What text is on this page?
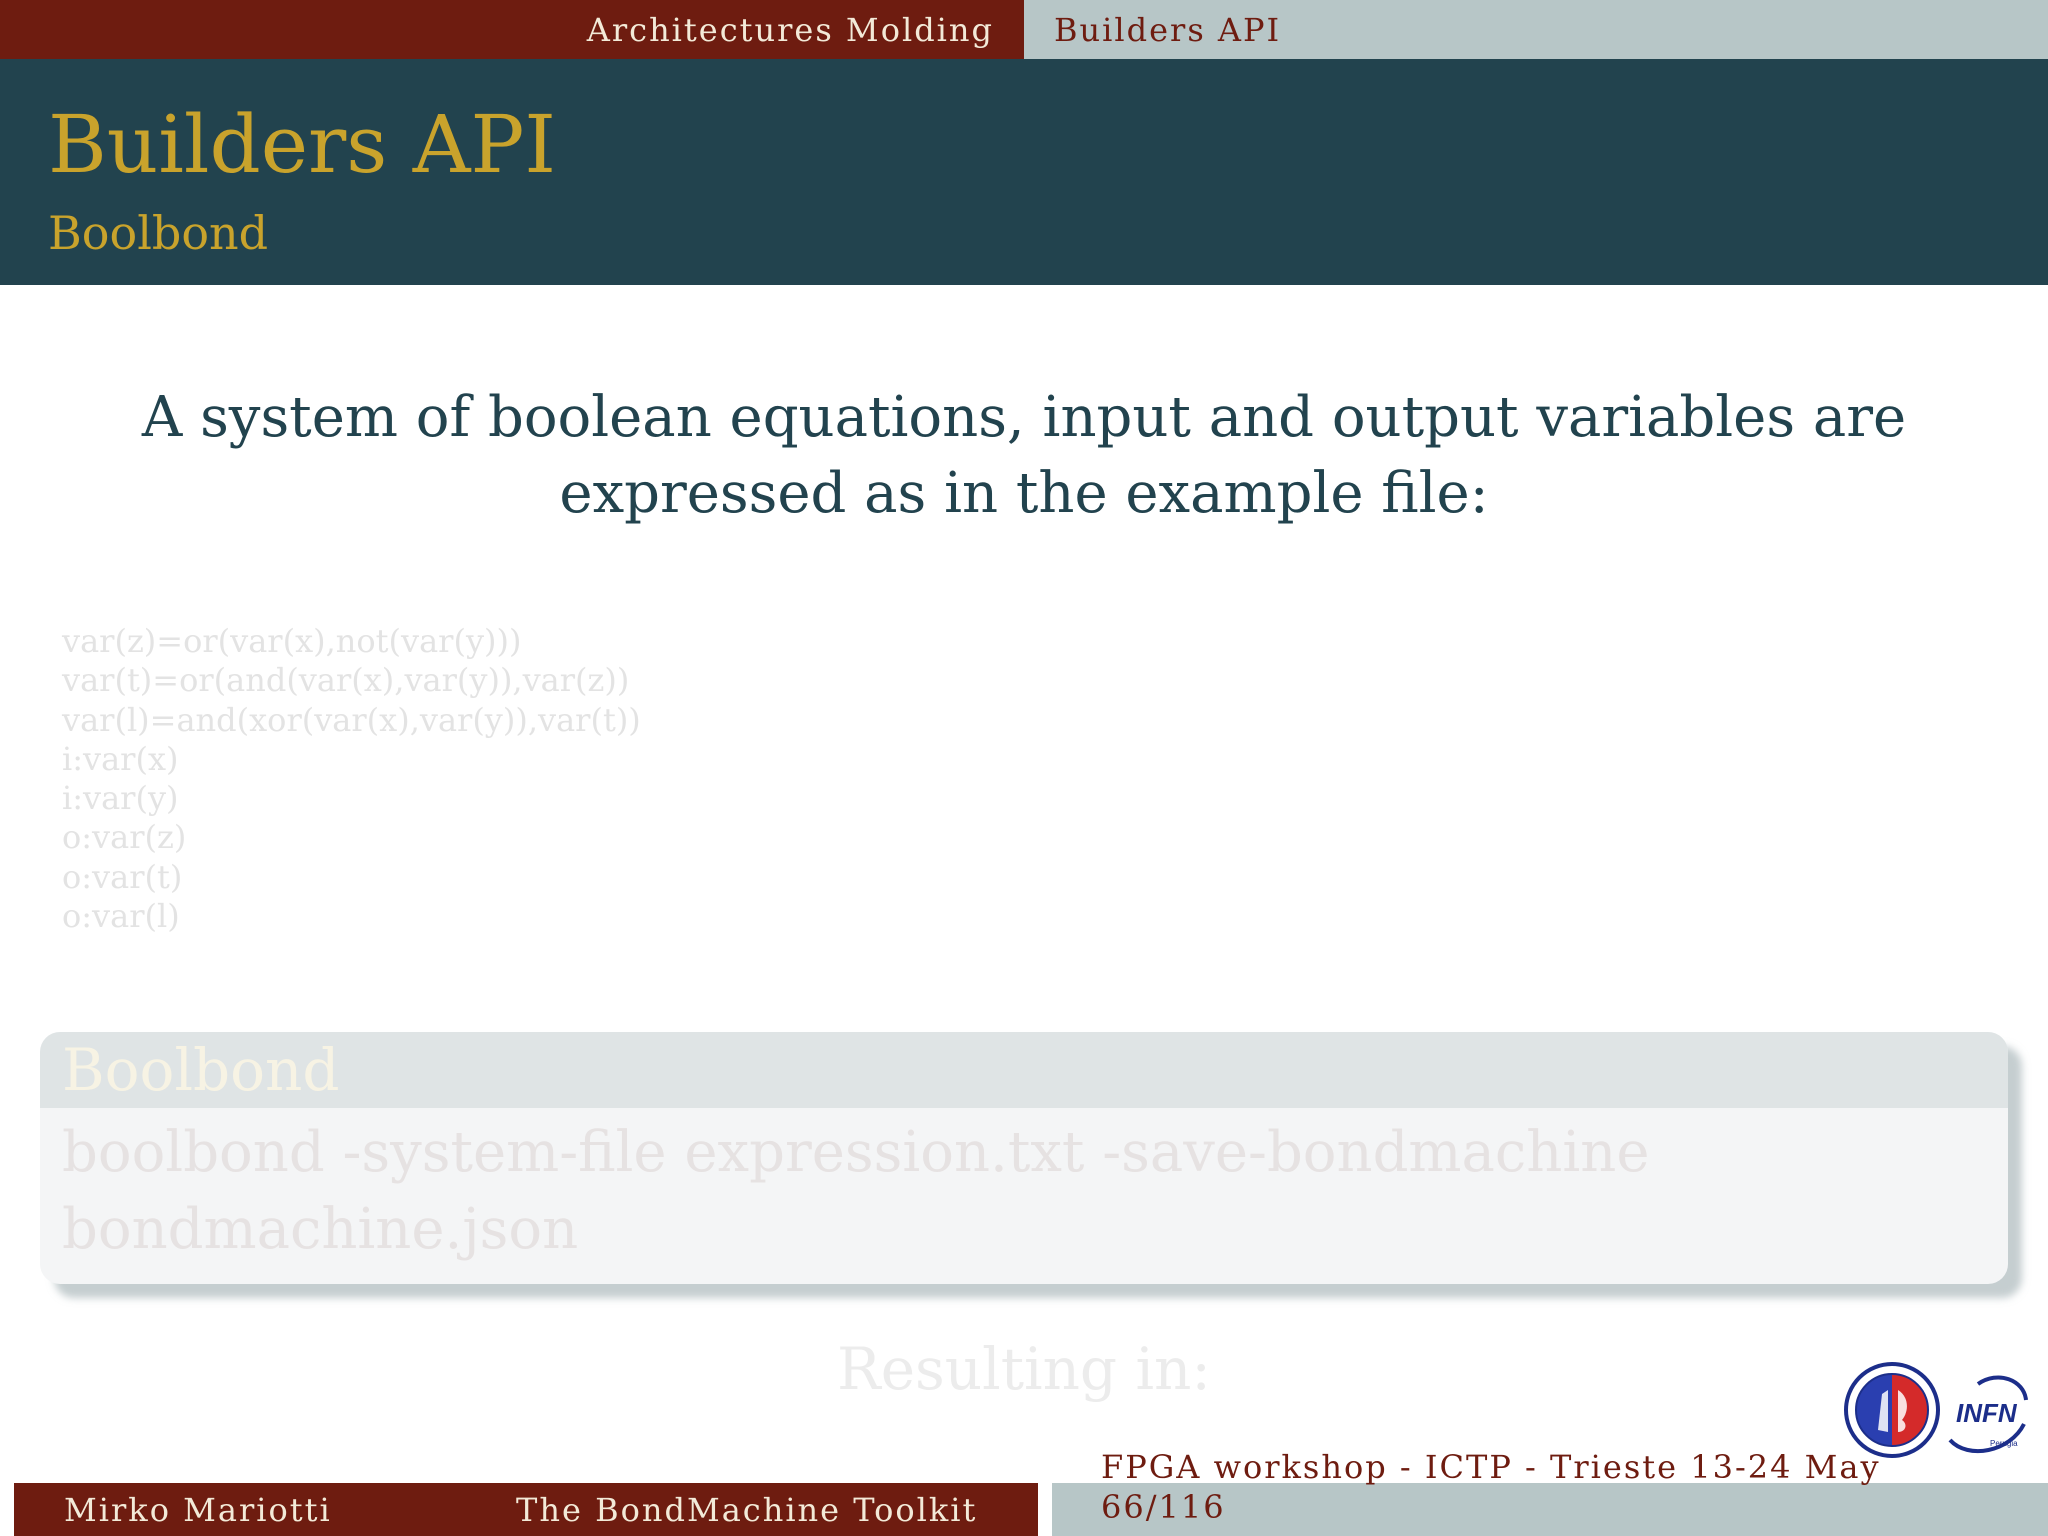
Architectures Molding Builders API
Builders API
Boolbond
A system of boolean equations, input and output variables are
expressed as in the example file:
var(z)=or(var(x),not(var(y)))
var(t)=or(and(var(x),var(y)),var(z))
var(l)=and(xor(var(x),var(y)),var(t))
i:var(x)
i:var(y)
o:var(z)
o:var(t)
o:var(l)
Boolbond
boolbond -system-file expression.txt -save-bondmachine
bondmachine.json
Resulting in:
INFN
Perugia
Mirko Mariotti	The BondMachine Toolkit
FPGA workshop - ICTP - Trieste 13-24 May
66/116
